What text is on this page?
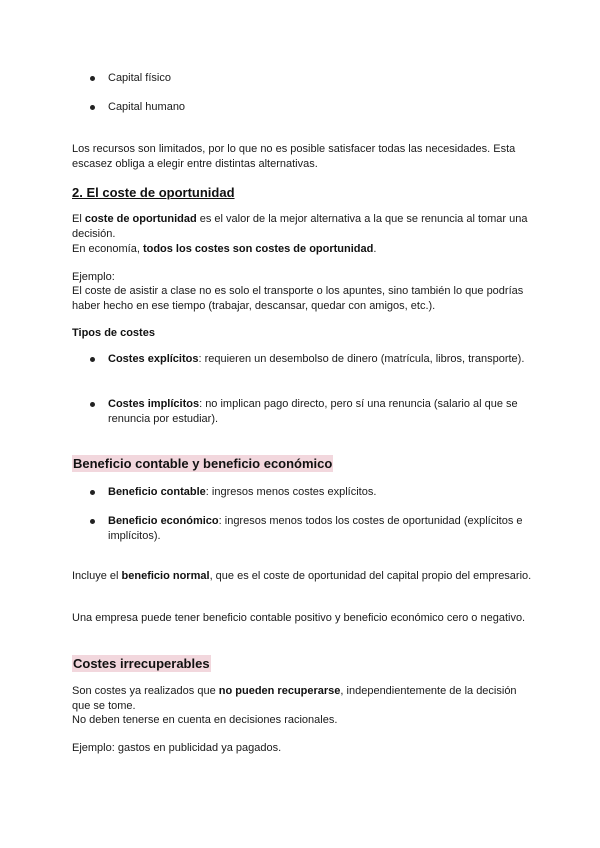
Capital físico
Capital humano
Los recursos son limitados, por lo que no es posible satisfacer todas las necesidades. Esta escasez obliga a elegir entre distintas alternativas.
2. El coste de oportunidad
El coste de oportunidad es el valor de la mejor alternativa a la que se renuncia al tomar una decisión.
En economía, todos los costes son costes de oportunidad.
Ejemplo:
El coste de asistir a clase no es solo el transporte o los apuntes, sino también lo que podrías haber hecho en ese tiempo (trabajar, descansar, quedar con amigos, etc.).
Tipos de costes
Costes explícitos: requieren un desembolso de dinero (matrícula, libros, transporte).
Costes implícitos: no implican pago directo, pero sí una renuncia (salario al que se renuncia por estudiar).
Beneficio contable y beneficio económico
Beneficio contable: ingresos menos costes explícitos.
Beneficio económico: ingresos menos todos los costes de oportunidad (explícitos e implícitos).
Incluye el beneficio normal, que es el coste de oportunidad del capital propio del empresario.
Una empresa puede tener beneficio contable positivo y beneficio económico cero o negativo.
Costes irrecuperables
Son costes ya realizados que no pueden recuperarse, independientemente de la decisión que se tome.
No deben tenerse en cuenta en decisiones racionales.
Ejemplo: gastos en publicidad ya pagados.
